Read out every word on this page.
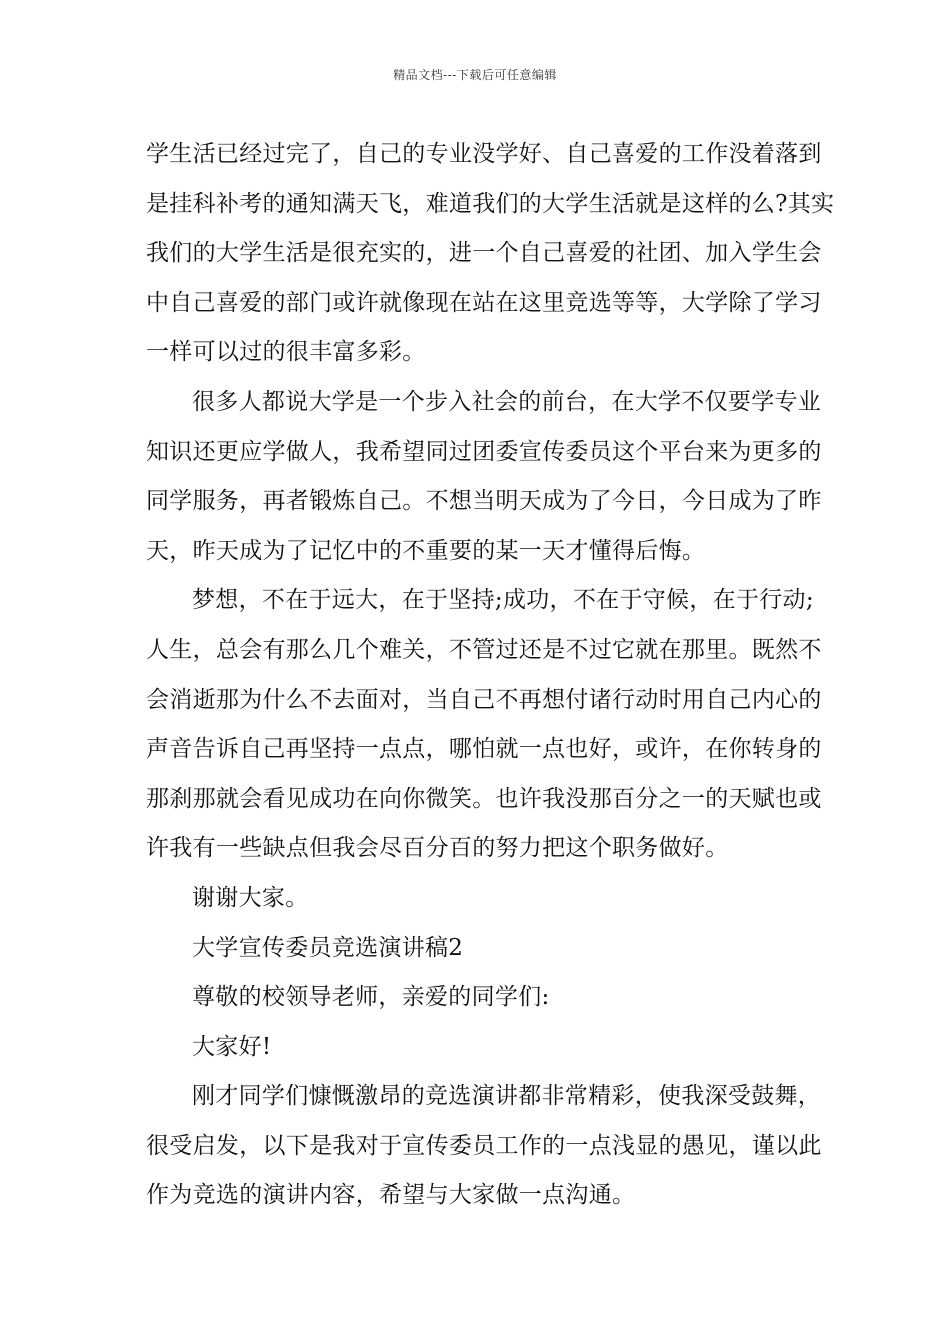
精品文档---下载后可任意编辑
学生活已经过完了，自己的专业没学好、自己喜爱的工作没着落到
是挂科补考的通知满天飞，难道我们的大学生活就是这样的么?其实
我们的大学生活是很充实的，进一个自己喜爱的社团、加入学生会
中自己喜爱的部门或许就像现在站在这里竞选等等，大学除了学习
一样可以过的很丰富多彩。
很多人都说大学是一个步入社会的前台，在大学不仅要学专业
知识还更应学做人，我希望同过团委宣传委员这个平台来为更多的
同学服务，再者锻炼自己。不想当明天成为了今日，今日成为了昨
天，昨天成为了记忆中的不重要的某一天才懂得后悔。
梦想，不在于远大，在于坚持;成功，不在于守候，在于行动;
人生，总会有那么几个难关，不管过还是不过它就在那里。既然不
会消逝那为什么不去面对，当自己不再想付诸行动时用自己内心的
声音告诉自己再坚持一点点，哪怕就一点也好，或许，在你转身的
那刹那就会看见成功在向你微笑。也许我没那百分之一的天赋也或
许我有一些缺点但我会尽百分百的努力把这个职务做好。
谢谢大家。
大学宣传委员竞选演讲稿2
尊敬的校领导老师，亲爱的同学们:
大家好!
刚才同学们慷慨激昂的竞选演讲都非常精彩，使我深受鼓舞，
很受启发，以下是我对于宣传委员工作的一点浅显的愚见，谨以此
作为竞选的演讲内容，希望与大家做一点沟通。
